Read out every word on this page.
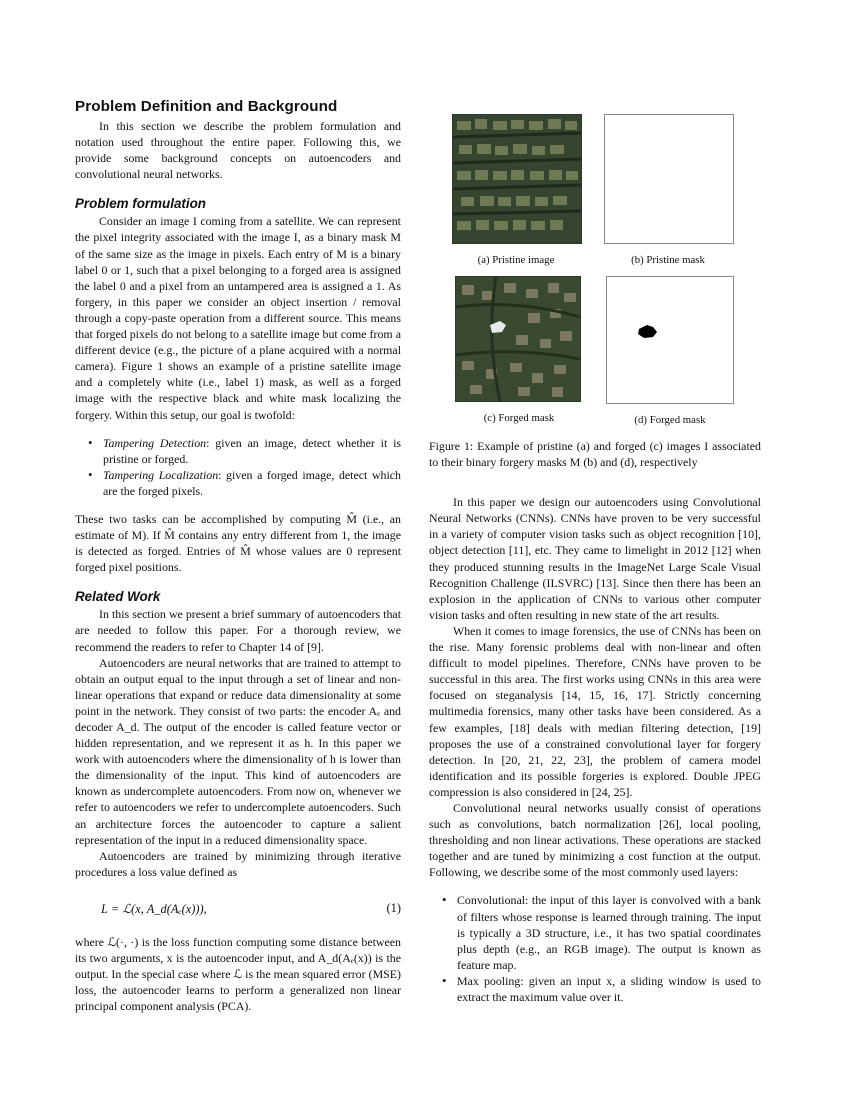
Problem Definition and Background

In this section we describe the problem formulation and notation used throughout the entire paper. Following this, we provide some background concepts on autoencoders and convolutional neural networks.

Problem formulation

Consider an image I coming from a satellite. We can represent the pixel integrity associated with the image I, as a binary mask M of the same size as the image in pixels. Each entry of M is a binary label 0 or 1, such that a pixel belonging to a forged area is assigned the label 0 and a pixel from an untampered area is assigned a 1. As forgery, in this paper we consider an object insertion / removal through a copy-paste operation from a different source. This means that forged pixels do not belong to a satellite image but come from a different device (e.g., the picture of a plane acquired with a normal camera). Figure 1 shows an example of a pristine satellite image and a completely white (i.e., label 1) mask, as well as a forged image with the respective black and white mask localizing the forgery. Within this setup, our goal is twofold:

• Tampering Detection: given an image, detect whether it is pristine or forged.
• Tampering Localization: given a forged image, detect which are the forged pixels.

These two tasks can be accomplished by computing M̂ (i.e., an estimate of M). If M̂ contains any entry different from 1, the image is detected as forged. Entries of M̂ whose values are 0 represent forged pixel positions.

Related Work

In this section we present a brief summary of autoencoders that are needed to follow this paper. For a thorough review, we recommend the readers to refer to Chapter 14 of [9].

Autoencoders are neural networks that are trained to attempt to obtain an output equal to the input through a set of linear and non-linear operations that expand or reduce data dimensionality at some point in the network. They consist of two parts: the encoder Aₑ and decoder A_d. The output of the encoder is called feature vector or hidden representation, and we represent it as h. In this paper we work with autoencoders where the dimensionality of h is lower than the dimensionality of the input. This kind of autoencoders are known as undercomplete autoencoders. From now on, whenever we refer to autoencoders we refer to undercomplete autoencoders. Such an architecture forces the autoencoder to capture a salient representation of the input in a reduced dimensionality space.

Autoencoders are trained by minimizing through iterative procedures a loss value defined as

L = ℒ(x, A_d(Aₑ(x))),	(1)

where ℒ(·, ·) is the loss function computing some distance between its two arguments, x is the autoencoder input, and A_d(Aₑ(x)) is the output. In the special case where ℒ is the mean squared error (MSE) loss, the autoencoder learns to perform a generalized non linear principal component analysis (PCA).

(a) Pristine image	(b) Pristine mask
(c) Forged mask	(d) Forged mask

Figure 1: Example of pristine (a) and forged (c) images I associated to their binary forgery masks M (b) and (d), respectively

In this paper we design our autoencoders using Convolutional Neural Networks (CNNs). CNNs have proven to be very successful in a variety of computer vision tasks such as object recognition [10], object detection [11], etc. They came to limelight in 2012 [12] when they produced stunning results in the ImageNet Large Scale Visual Recognition Challenge (ILSVRC) [13]. Since then there has been an explosion in the application of CNNs to various other computer vision tasks and often resulting in new state of the art results.

When it comes to image forensics, the use of CNNs has been on the rise. Many forensic problems deal with non-linear and often difficult to model pipelines. Therefore, CNNs have proven to be successful in this area. The first works using CNNs in this area were focused on steganalysis [14, 15, 16, 17]. Strictly concerning multimedia forensics, many other tasks have been considered. As a few examples, [18] deals with median filtering detection, [19] proposes the use of a constrained convolutional layer for forgery detection. In [20, 21, 22, 23], the problem of camera model identification and its possible forgeries is explored. Double JPEG compression is also considered in [24, 25].

Convolutional neural networks usually consist of operations such as convolutions, batch normalization [26], local pooling, thresholding and non linear activations. These operations are stacked together and are tuned by minimizing a cost function at the output. Following, we describe some of the most commonly used layers:

• Convolutional: the input of this layer is convolved with a bank of filters whose response is learned through training. The input is typically a 3D structure, i.e., it has two spatial coordinates plus depth (e.g., an RGB image). The output is known as feature map.
• Max pooling: given an input x, a sliding window is used to extract the maximum value over it.
